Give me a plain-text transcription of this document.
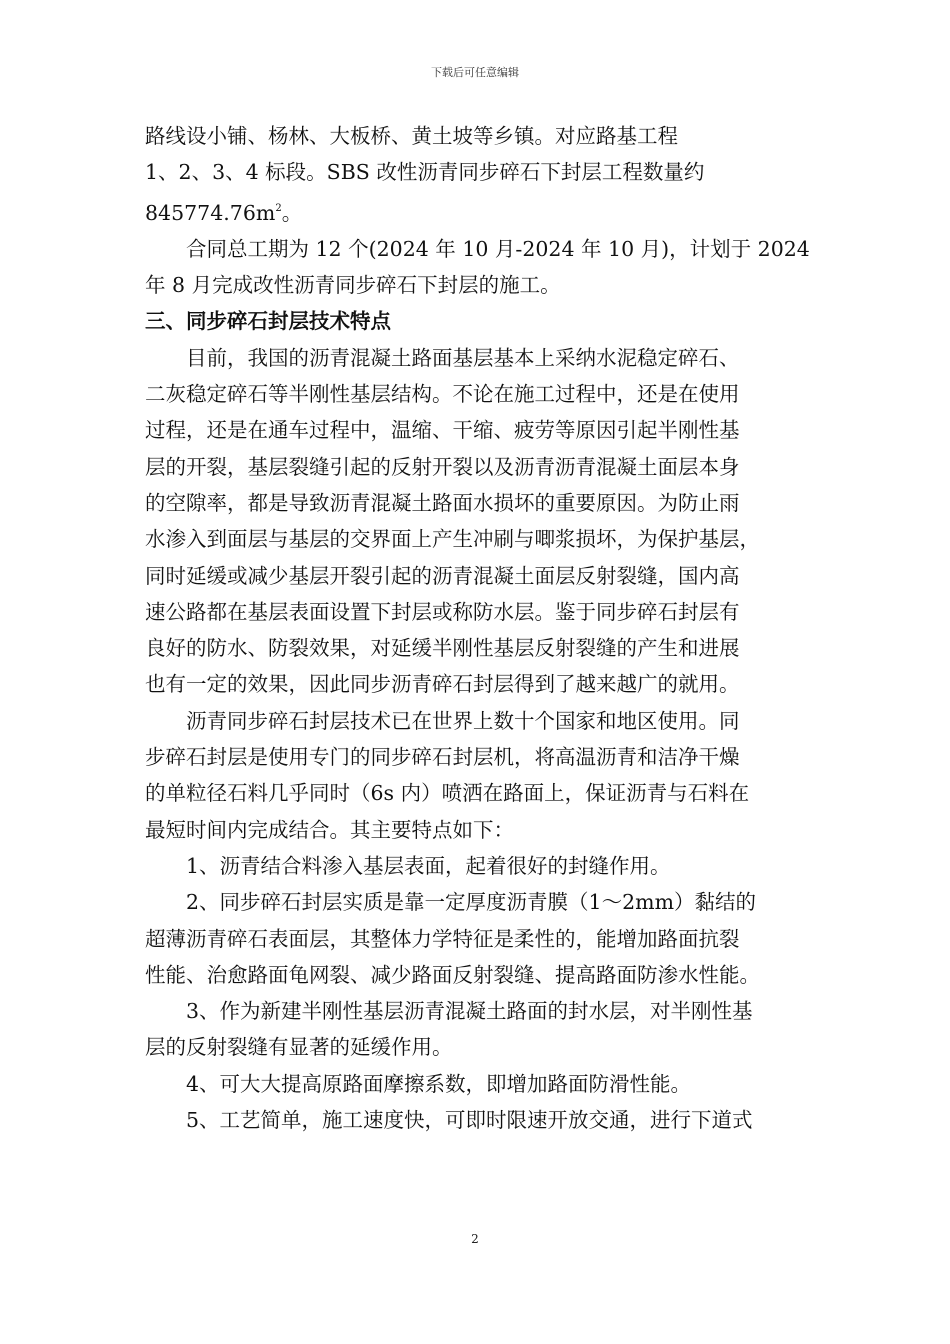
下载后可任意编辑
路线设小铺、杨林、大板桥、黄土坡等乡镇。对应路基工程
1、2、3、4 标段。SBS 改性沥青同步碎石下封层工程数量约
$845774.76m^2$。
合同总工期为 12 个(2024 年 10 月-2024 年 10 月)，计划于 2024
年 8 月完成改性沥青同步碎石下封层的施工。
三、同步碎石封层技术特点
目前，我国的沥青混凝土路面基层基本上采纳水泥稳定碎石、
二灰稳定碎石等半刚性基层结构。不论在施工过程中，还是在使用
过程，还是在通车过程中，温缩、干缩、疲劳等原因引起半刚性基
层的开裂，基层裂缝引起的反射开裂以及沥青沥青混凝土面层本身
的空隙率，都是导致沥青混凝土路面水损坏的重要原因。为防止雨
水渗入到面层与基层的交界面上产生冲刷与唧浆损坏，为保护基层，
同时延缓或减少基层开裂引起的沥青混凝土面层反射裂缝，国内高
速公路都在基层表面设置下封层或称防水层。鉴于同步碎石封层有
良好的防水、防裂效果，对延缓半刚性基层反射裂缝的产生和进展
也有一定的效果，因此同步沥青碎石封层得到了越来越广的就用。
沥青同步碎石封层技术已在世界上数十个国家和地区使用。同
步碎石封层是使用专门的同步碎石封层机，将高温沥青和洁净干燥
的单粒径石料几乎同时（6s 内）喷洒在路面上，保证沥青与石料在
最短时间内完成结合。其主要特点如下：
1、沥青结合料渗入基层表面，起着很好的封缝作用。
2、同步碎石封层实质是靠一定厚度沥青膜（1～2mm）黏结的
超薄沥青碎石表面层，其整体力学特征是柔性的，能增加路面抗裂
性能、治愈路面龟网裂、减少路面反射裂缝、提高路面防渗水性能。
3、作为新建半刚性基层沥青混凝土路面的封水层，对半刚性基
层的反射裂缝有显著的延缓作用。
4、可大大提高原路面摩擦系数，即增加路面防滑性能。
5、工艺简单，施工速度快，可即时限速开放交通，进行下道式
2
